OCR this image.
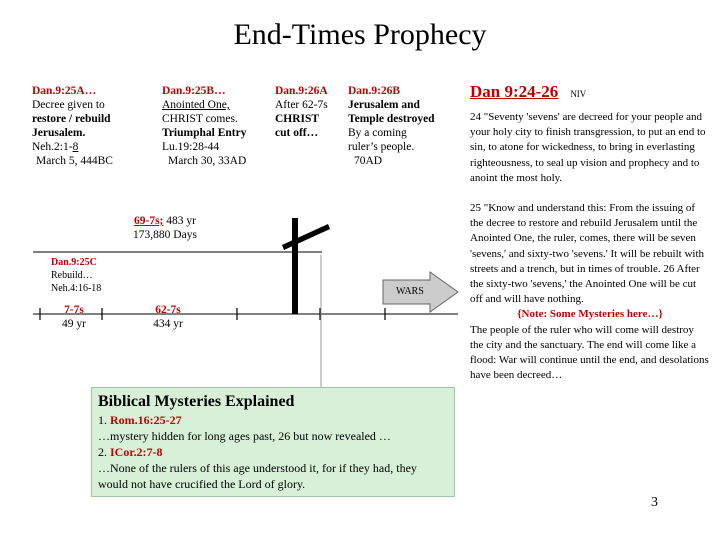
End-Times Prophecy
Dan.9:25A…
Decree given to
restore / rebuild
Jerusalem.
Neh.2:1-8
March 5, 444BC
Dan.9:25B…
Anointed One,
CHRIST comes.
Triumphal Entry
Lu.19:28-44
March 30, 33AD
Dan.9:26A
After 62-7s
CHRIST
cut off…
Dan.9:26B
Jerusalem and
Temple destroyed
By a coming
ruler’s people.
70AD
69-7s; 483 yr
173,880 Days
Dan.9:25C
Rebuild…
Neh.4:16-18
7-7s
49 yr
62-7s
434 yr
WARS
Dan 9:24-26 NIV
24 "Seventy 'sevens' are decreed for your people and your holy city to finish transgression, to put an end to sin, to atone for wickedness, to bring in everlasting righteousness, to seal up vision and prophecy and to anoint the most holy.
25 "Know and understand this: From the issuing of the decree to restore and rebuild Jerusalem until the Anointed One, the ruler, comes, there will be seven 'sevens,' and sixty-two 'sevens.' It will be rebuilt with streets and a trench, but in times of trouble. 26 After the sixty-two 'sevens,' the Anointed One will be cut off and will have nothing.
{Note: Some Mysteries here…}
The people of the ruler who will come will destroy the city and the sanctuary. The end will come like a flood: War will continue until the end, and desolations have been decreed…
Biblical Mysteries Explained
1. Rom.16:25-27
…mystery hidden for long ages past, 26 but now revealed …
2. ICor.2:7-8
…None of the rulers of this age understood it, for if they had, they would not have crucified the Lord of glory.
3
